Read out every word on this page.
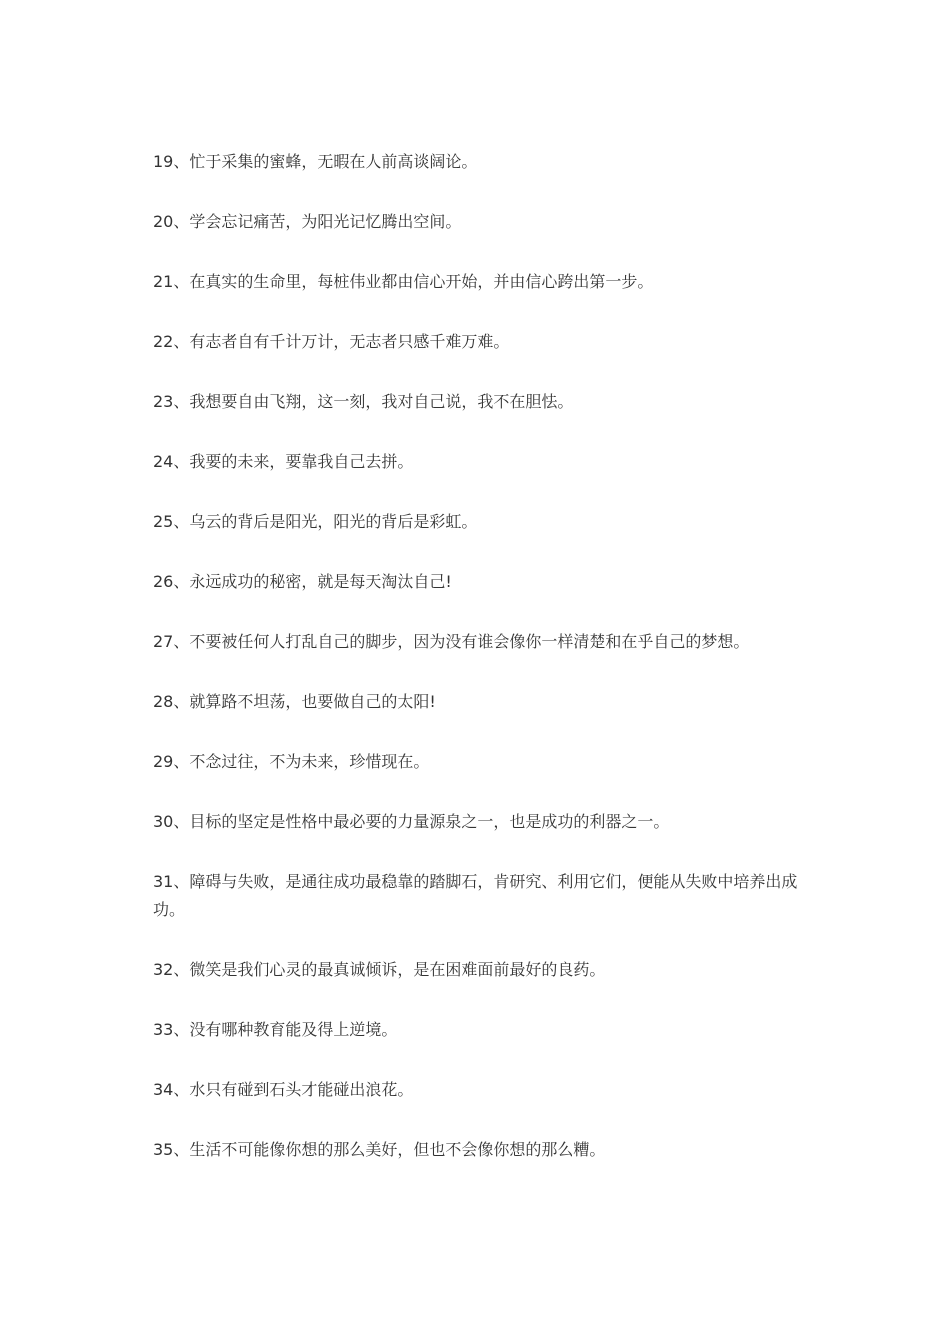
19、忙于采集的蜜蜂，无暇在人前高谈阔论。

20、学会忘记痛苦，为阳光记忆腾出空间。

21、在真实的生命里，每桩伟业都由信心开始，并由信心跨出第一步。

22、有志者自有千计万计，无志者只感千难万难。

23、我想要自由飞翔，这一刻，我对自己说，我不在胆怯。

24、我要的未来，要靠我自己去拼。

25、乌云的背后是阳光，阳光的背后是彩虹。

26、永远成功的秘密，就是每天淘汰自己!

27、不要被任何人打乱自己的脚步，因为没有谁会像你一样清楚和在乎自己的梦想。

28、就算路不坦荡，也要做自己的太阳!

29、不念过往，不为未来，珍惜现在。

30、目标的坚定是性格中最必要的力量源泉之一，也是成功的利器之一。

31、障碍与失败，是通往成功最稳靠的踏脚石，肯研究、利用它们，便能从失败中培养出成功。

32、微笑是我们心灵的最真诚倾诉，是在困难面前最好的良药。

33、没有哪种教育能及得上逆境。

34、水只有碰到石头才能碰出浪花。

35、生活不可能像你想的那么美好，但也不会像你想的那么糟。
